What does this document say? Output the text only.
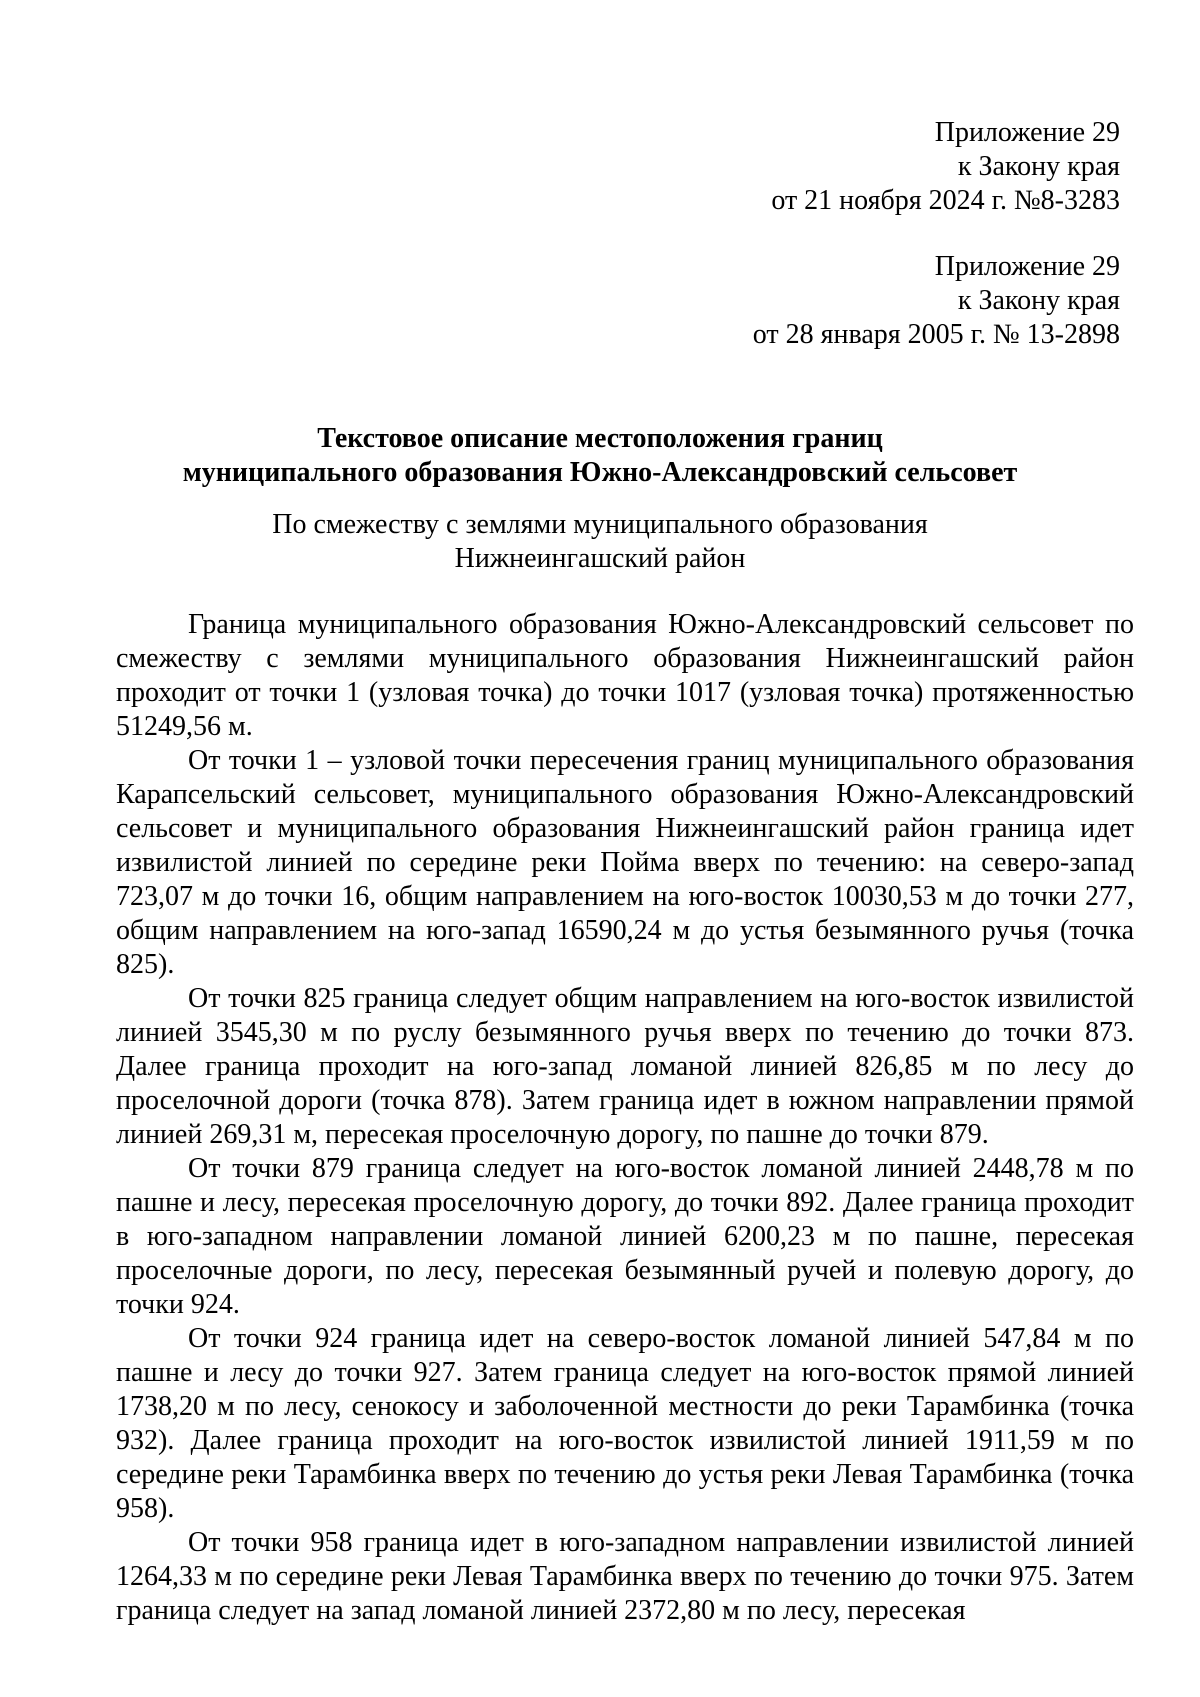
Приложение 29
к Закону края
от 21 ноября 2024 г. №8-3283
Приложение 29
к Закону края
от 28 января 2005 г. № 13-2898
Текстовое описание местоположения границ
муниципального образования Южно-Александровский сельсовет
По смежеству с землями муниципального образования
Нижнеингашский район

Граница муниципального образования Южно-Александровский сельсовет по смежеству с землями муниципального образования Нижнеингашский район проходит от точки 1 (узловая точка) до точки 1017 (узловая точка) протяженностью 51249,56 м.

От точки 1 – узловой точки пересечения границ муниципального образования Карапсельский сельсовет, муниципального образования Южно-Александровский сельсовет и муниципального образования Нижнеингашский район граница идет извилистой линией по середине реки Пойма вверх по течению: на северо-запад 723,07 м до точки 16, общим направлением на юго-восток 10030,53 м до точки 277, общим направлением на юго-запад 16590,24 м до устья безымянного ручья (точка 825).

От точки 825 граница следует общим направлением на юго-восток извилистой линией 3545,30 м по руслу безымянного ручья вверх по течению до точки 873. Далее граница проходит на юго-запад ломаной линией 826,85 м по лесу до проселочной дороги (точка 878). Затем граница идет в южном направлении прямой линией 269,31 м, пересекая проселочную дорогу, по пашне до точки 879.

От точки 879 граница следует на юго-восток ломаной линией 2448,78 м по пашне и лесу, пересекая проселочную дорогу, до точки 892. Далее граница проходит в юго-западном направлении ломаной линией 6200,23 м по пашне, пересекая проселочные дороги, по лесу, пересекая безымянный ручей и полевую дорогу, до точки 924.

От точки 924 граница идет на северо-восток ломаной линией 547,84 м по пашне и лесу до точки 927. Затем граница следует на юго-восток прямой линией 1738,20 м по лесу, сенокосу и заболоченной местности до реки Тарамбинка (точка 932). Далее граница проходит на юго-восток извилистой линией 1911,59 м по середине реки Тарамбинка вверх по течению до устья реки Левая Тарамбинка (точка 958).

От точки 958 граница идет в юго-западном направлении извилистой линией 1264,33 м по середине реки Левая Тарамбинка вверх по течению до точки 975. Затем граница следует на запад ломаной линией 2372,80 м по лесу, пересекая
